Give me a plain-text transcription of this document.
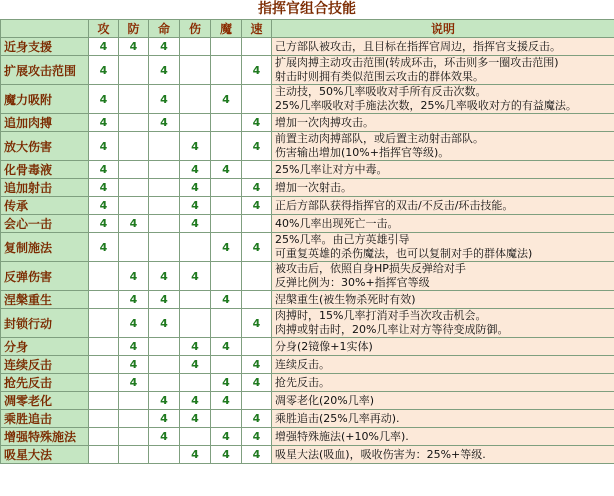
指挥官组合技能
	攻	防	命	伤	魔	速	说明
近身支援	4	4	4				己方部队被攻击，且目标在指挥官周边，指挥官支援反击。

扩展攻击范围	4		4			4	扩展肉搏主动攻击范围(转成环击，环击则多一圈攻击范围)
射击时则拥有类似范围云攻击的群体效果。

魔力吸附	4		4		4		主动技，50%几率吸收对手所有反击次数。
25%几率吸收对手施法次数，25%几率吸收对方的有益魔法。

追加肉搏	4		4			4	增加一次肉搏攻击。

放大伤害	4			4		4	前置主动肉搏部队，或后置主动射击部队。
伤害输出增加(10%+指挥官等级)。

化骨毒液	4			4	4		25%几率让对方中毒。

追加射击	4			4		4	增加一次射击。

传承	4			4		4	正后方部队获得指挥官的双击/不反击/环击技能。

会心一击	4	4		4			40%几率出现死亡一击。

复制施法	4				4	4	25%几率。由己方英雄引导
可重复英雄的杀伤魔法，也可以复制对手的群体魔法)

反弹伤害		4	4	4			被攻击后，依照自身HP损失反弹给对手
反弹比例为：30%+指挥官等级

涅槃重生		4	4		4		涅槃重生(被生物杀死时有效)

封锁行动		4	4			4	肉搏时，15%几率打消对手当次攻击机会。
肉搏或射击时，20%几率让对方等待变成防御。

分身		4		4	4		分身(2镜像+1实体)

连续反击		4		4		4	连续反击。

抢先反击		4			4	4	抢先反击。

凋零老化			4	4	4		凋零老化(20%几率)

乘胜追击			4	4		4	乘胜追击(25%几率再动).

增强特殊施法			4		4	4	增强特殊施法(+10%几率).

吸星大法				4	4	4	吸星大法(吸血)，吸收伤害为：25%+等级.
